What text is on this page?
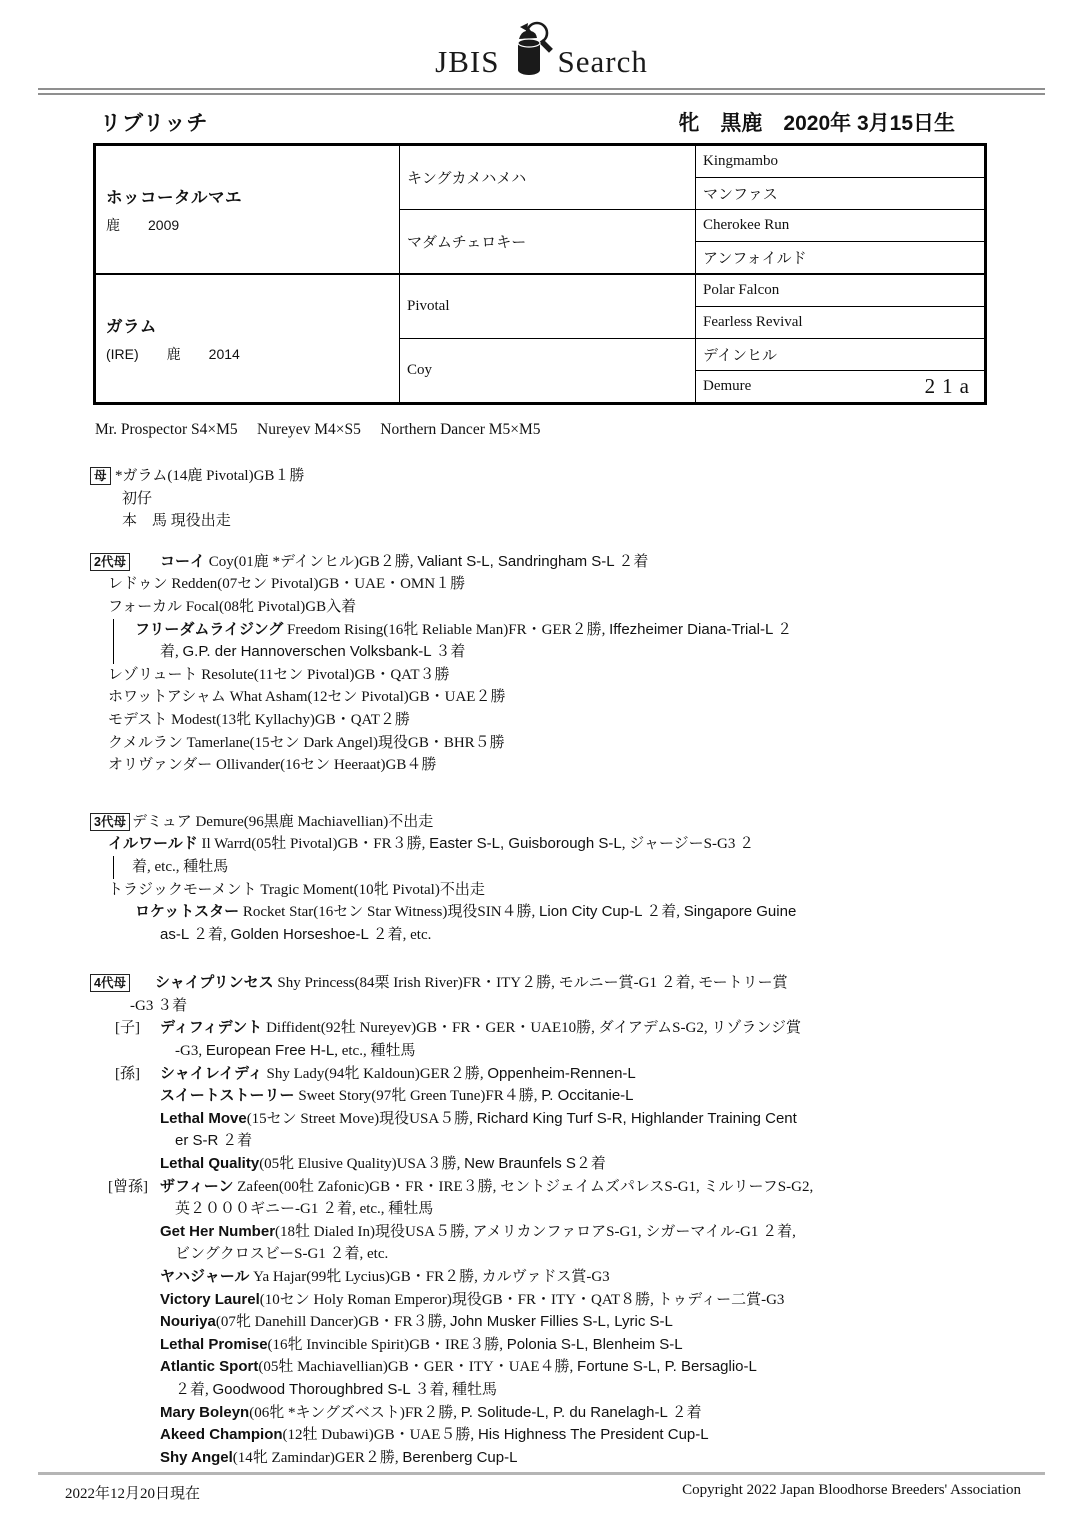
JBIS Search
リブリッチ	牝　黒鹿　2020年 3月15日生
ホッコータルマエ
鹿　　2009	キングカメハメハ	Kingmambo
		マンファス
	マダムチェロキー	Cherokee Run
		アンフォイルド

ガラム
(IRE)　　鹿　　2014	Pivotal	Polar Falcon
		Fearless Revival
	Coy	デインヒル

		Demure 21a
Mr. Prospector S4×M5　 Nureyev M4×S5　 Northern Dancer M5×M5
母 *ガラム(14鹿 Pivotal)GB１勝
初仔
本　馬 現役出走
2代母 コーイ Coy(01鹿 *デインヒル)GB２勝, Valiant S-L, Sandringham S-L ２着
レドゥン Redden(07セン Pivotal)GB・UAE・OMN１勝
フォーカル Focal(08牝 Pivotal)GB入着
フリーダムライジング Freedom Rising(16牝 Reliable Man)FR・GER２勝, Iffezheimer Diana-Trial-L ２
着, G.P. der Hannoverschen Volksbank-L ３着
レゾリュート Resolute(11セン Pivotal)GB・QAT３勝
ホワットアシャム What Asham(12セン Pivotal)GB・UAE２勝
モデスト Modest(13牝 Kyllachy)GB・QAT２勝
クメルラン Tamerlane(15セン Dark Angel)現役GB・BHR５勝
オリヴァンダー Ollivander(16セン Heeraat)GB４勝
3代母 デミュア Demure(96黒鹿 Machiavellian)不出走
イルワールド Il Warrd(05牡 Pivotal)GB・FR３勝, Easter S-L, Guisborough S-L, ジャージーS-G3 ２
着, etc., 種牡馬
トラジックモーメント Tragic Moment(10牝 Pivotal)不出走
ロケットスター Rocket Star(16セン Star Witness)現役SIN４勝, Lion City Cup-L ２着, Singapore Guine
as-L ２着, Golden Horseshoe-L ２着, etc.
4代母 シャイプリンセス Shy Princess(84栗 Irish River)FR・ITY２勝, モルニー賞-G1 ２着, モートリー賞
-G3 ３着
[子] ディフィデント Diffident(92牡 Nureyev)GB・FR・GER・UAE10勝, ダイアデムS-G2, リゾランジ賞
-G3, European Free H-L, etc., 種牡馬
[孫] シャイレイディ Shy Lady(94牝 Kaldoun)GER２勝, Oppenheim-Rennen-L
スイートストーリー Sweet Story(97牝 Green Tune)FR４勝, P. Occitanie-L
Lethal Move(15セン Street Move)現役USA５勝, Richard King Turf S-R, Highlander Training Cent
er S-R ２着
Lethal Quality(05牝 Elusive Quality)USA３勝, New Braunfels S２着
[曾孫] ザフィーン Zafeen(00牡 Zafonic)GB・FR・IRE３勝, セントジェイムズパレスS-G1, ミルリーフS-G2,
英２０００ギニー-G1 ２着, etc., 種牡馬
Get Her Number(18牡 Dialed In)現役USA５勝, アメリカンファロアS-G1, シガーマイル-G1 ２着,
ビングクロスビーS-G1 ２着, etc.
ヤハジャール Ya Hajar(99牝 Lycius)GB・FR２勝, カルヴァドス賞-G3
Victory Laurel(10セン Holy Roman Emperor)現役GB・FR・ITY・QAT８勝, トゥディー二賞-G3
Nouriya(07牝 Danehill Dancer)GB・FR３勝, John Musker Fillies S-L, Lyric S-L
Lethal Promise(16牝 Invincible Spirit)GB・IRE３勝, Polonia S-L, Blenheim S-L
Atlantic Sport(05牡 Machiavellian)GB・GER・ITY・UAE４勝, Fortune S-L, P. Bersaglio-L
２着, Goodwood Thoroughbred S-L ３着, 種牡馬
Mary Boleyn(06牝 *キングズベスト)FR２勝, P. Solitude-L, P. du Ranelagh-L ２着
Akeed Champion(12牡 Dubawi)GB・UAE５勝, His Highness The President Cup-L
Shy Angel(14牝 Zamindar)GER２勝, Berenberg Cup-L
2022年12月20日現在	Copyright 2022 Japan Bloodhorse Breeders' Association
